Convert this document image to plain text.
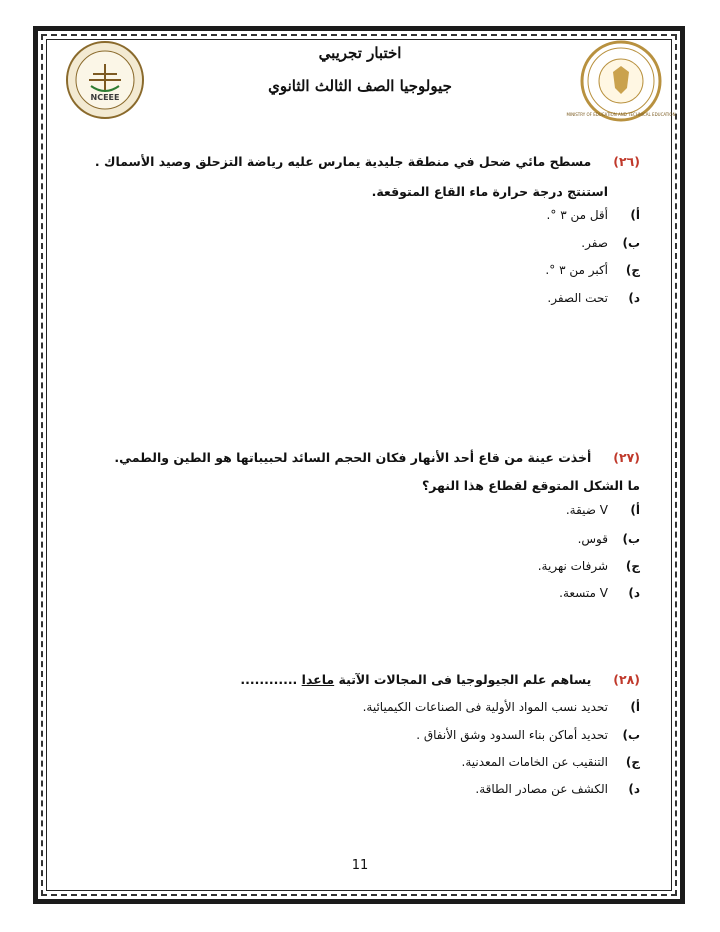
NCEEE
MINISTRY OF EDUCATION AND TECHNICAL EDUCATION
اختبار تجريبي
جيولوجيا الصف الثالث الثانوي
(٢٦)مسطح مائي ضحل في منطقة جليدية يمارس عليه رياضة التزحلق وصيد الأسماك .
استنتج درجة حرارة ماء القاع المتوقعة.
أ)أقل من ٣ °.
ب)صفر.
ج)أكبر من ٣ °.
د)تحت الصفر.
(٢٧)أخذت عينة من قاع أحد الأنهار فكان الحجم السائد لحبيباتها هو الطين والطمي.
ما الشكل المتوقع لقطاع هذا النهر؟
أ)V ضيقة.
ب)قوس.
ج)شرفات نهرية.
د)V متسعة.
(٢٨)يساهم علم الجيولوجيا فى المجالات الآتية ماعدا ............
أ)تحديد نسب المواد الأولية فى الصناعات الكيميائية.
ب)تحديد أماكن بناء السدود وشق الأنفاق .
ج)التنقيب عن الخامات المعدنية.
د)الكشف عن مصادر الطاقة.
11
